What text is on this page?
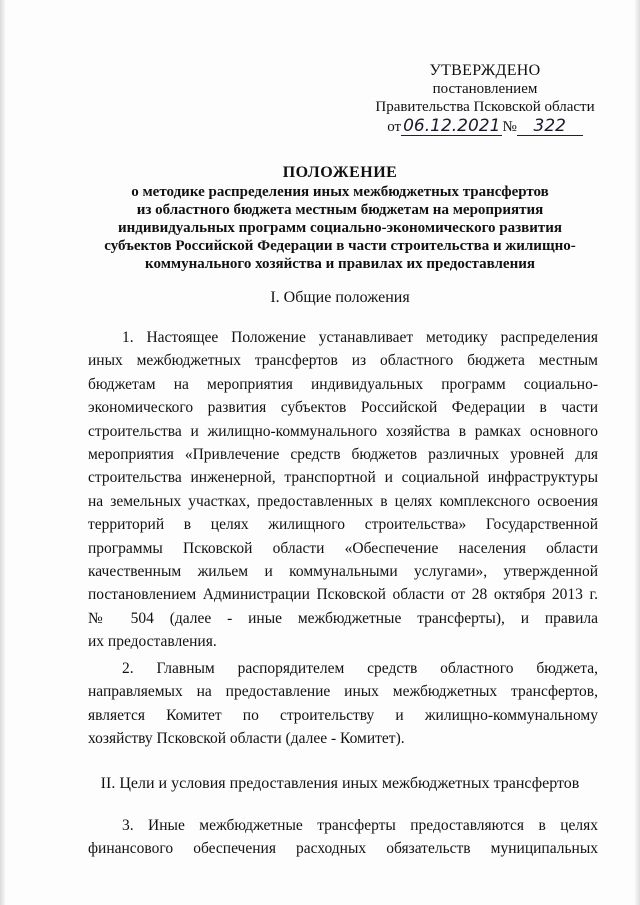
УТВЕРЖДЕНО
постановлением
Правительства Псковской области
от 06.12.2021 № 322
ПОЛОЖЕНИЕ
о методике распределения иных межбюджетных трансфертов
из областного бюджета местным бюджетам на мероприятия
индивидуальных программ социально-экономического развития
субъектов Российской Федерации в части строительства и жилищно-
коммунального хозяйства и правилах их предоставления
I. Общие положения
1. Настоящее Положение устанавливает методику распределения
иных межбюджетных трансфертов из областного бюджета местным
бюджетам на мероприятия индивидуальных программ социально-
экономического развития субъектов Российской Федерации в части
строительства и жилищно-коммунального хозяйства в рамках основного
мероприятия «Привлечение средств бюджетов различных уровней для
строительства инженерной, транспортной и социальной инфраструктуры
на земельных участках, предоставленных в целях комплексного освоения
территорий в целях жилищного строительства» Государственной
программы Псковской области «Обеспечение населения области
качественным жильем и коммунальными услугами», утвержденной
постановлением Администрации Псковской области от 28 октября 2013 г.
№ 504 (далее - иные межбюджетные трансферты), и правила
их предоставления.
2. Главным распорядителем средств областного бюджета,
направляемых на предоставление иных межбюджетных трансфертов,
является Комитет по строительству и жилищно-коммунальному
хозяйству Псковской области (далее - Комитет).
II. Цели и условия предоставления иных межбюджетных трансфертов
3. Иные межбюджетные трансферты предоставляются в целях
финансового обеспечения расходных обязательств муниципальных
